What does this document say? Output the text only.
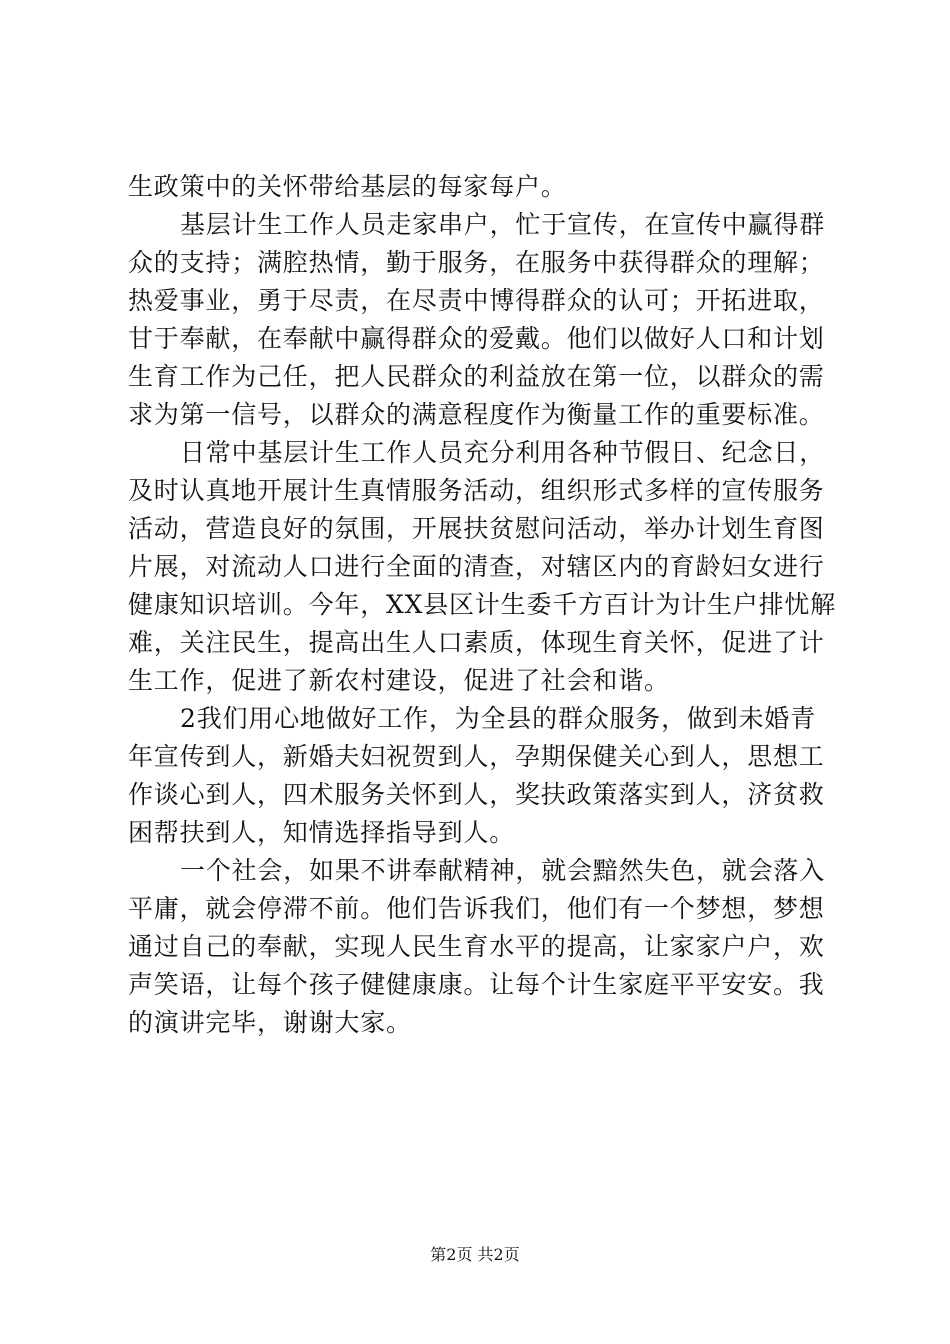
生政策中的关怀带给基层的每家每户。
基层计生工作人员走家串户，忙于宣传，在宣传中赢得群
众的支持；满腔热情，勤于服务，在服务中获得群众的理解；
热爱事业，勇于尽责，在尽责中博得群众的认可；开拓进取，
甘于奉献，在奉献中赢得群众的爱戴。他们以做好人口和计划
生育工作为己任，把人民群众的利益放在第一位，以群众的需
求为第一信号，以群众的满意程度作为衡量工作的重要标准。
日常中基层计生工作人员充分利用各种节假日、纪念日，
及时认真地开展计生真情服务活动，组织形式多样的宣传服务
活动，营造良好的氛围，开展扶贫慰问活动，举办计划生育图
片展，对流动人口进行全面的清查，对辖区内的育龄妇女进行
健康知识培训。今年，XX县区计生委千方百计为计生户排忧解
难，关注民生，提高出生人口素质，体现生育关怀，促进了计
生工作，促进了新农村建设，促进了社会和谐。
2我们用心地做好工作，为全县的群众服务，做到未婚青
年宣传到人，新婚夫妇祝贺到人，孕期保健关心到人，思想工
作谈心到人，四术服务关怀到人，奖扶政策落实到人，济贫救
困帮扶到人，知情选择指导到人。
一个社会，如果不讲奉献精神，就会黯然失色，就会落入
平庸，就会停滞不前。他们告诉我们，他们有一个梦想，梦想
通过自己的奉献，实现人民生育水平的提高，让家家户户，欢
声笑语，让每个孩子健健康康。让每个计生家庭平平安安。我
的演讲完毕，谢谢大家。
第2页 共2页
